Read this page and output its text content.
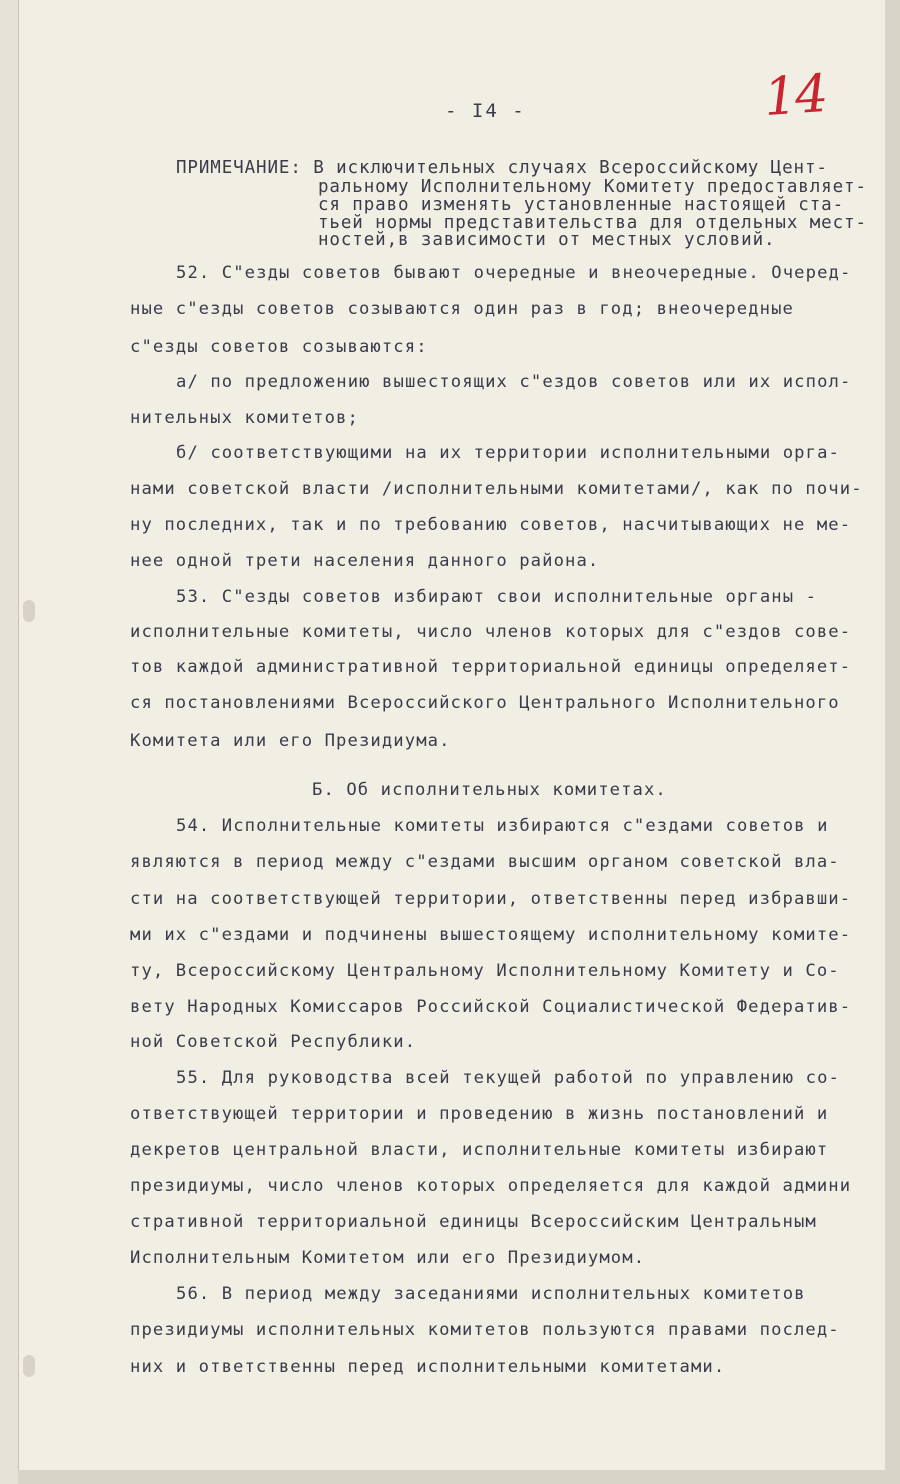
14
- I4 -
ПРИМЕЧАНИЕ: В исключительных случаях Всероссийскому Цент-
ральному Исполнительному Комитету предоставляет-
ся право изменять установленные настоящей ста-
тьей нормы представительства для отдельных мест-
ностей,в зависимости от местных условий.
52. С"езды советов бывают очередные и внеочередные. Очеред-
ные с"езды советов созываются один раз в год; внеочередные
с"езды советов созываются:
а/ по предложению вышестоящих с"ездов советов или их испол-
нительных комитетов;
б/ соответствующими на их территории исполнительными орга-
нами советской власти /исполнительными комитетами/, как по почи-
ну последних, так и по требованию советов, насчитывающих не ме-
нее одной трети населения данного района.
53. С"езды советов избирают свои исполнительные органы -
исполнительные комитеты, число членов которых для с"ездов сове-
тов каждой административной территориальной единицы определяет-
ся постановлениями Всероссийского Центрального Исполнительного
Комитета или его Президиума.
Б. Об исполнительных комитетах.
54. Исполнительные комитеты избираются с"ездами советов и
являются в период между с"ездами высшим органом советской вла-
сти на соответствующей территории, ответственны перед избравши-
ми их с"ездами и подчинены вышестоящему исполнительному комите-
ту, Всероссийскому Центральному Исполнительному Комитету и Со-
вету Народных Комиссаров Российской Социалистической Федератив-
ной Советской Республики.
55. Для руководства всей текущей работой по управлению со-
ответствующей территории и проведению в жизнь постановлений и
декретов центральной власти, исполнительные комитеты избирают
президиумы, число членов которых определяется для каждой админи
стративной территориальной единицы Всероссийским Центральным
Исполнительным Комитетом или его Президиумом.
56. В период между заседаниями исполнительных комитетов
президиумы исполнительных комитетов пользуются правами послед-
них и ответственны перед исполнительными комитетами.
